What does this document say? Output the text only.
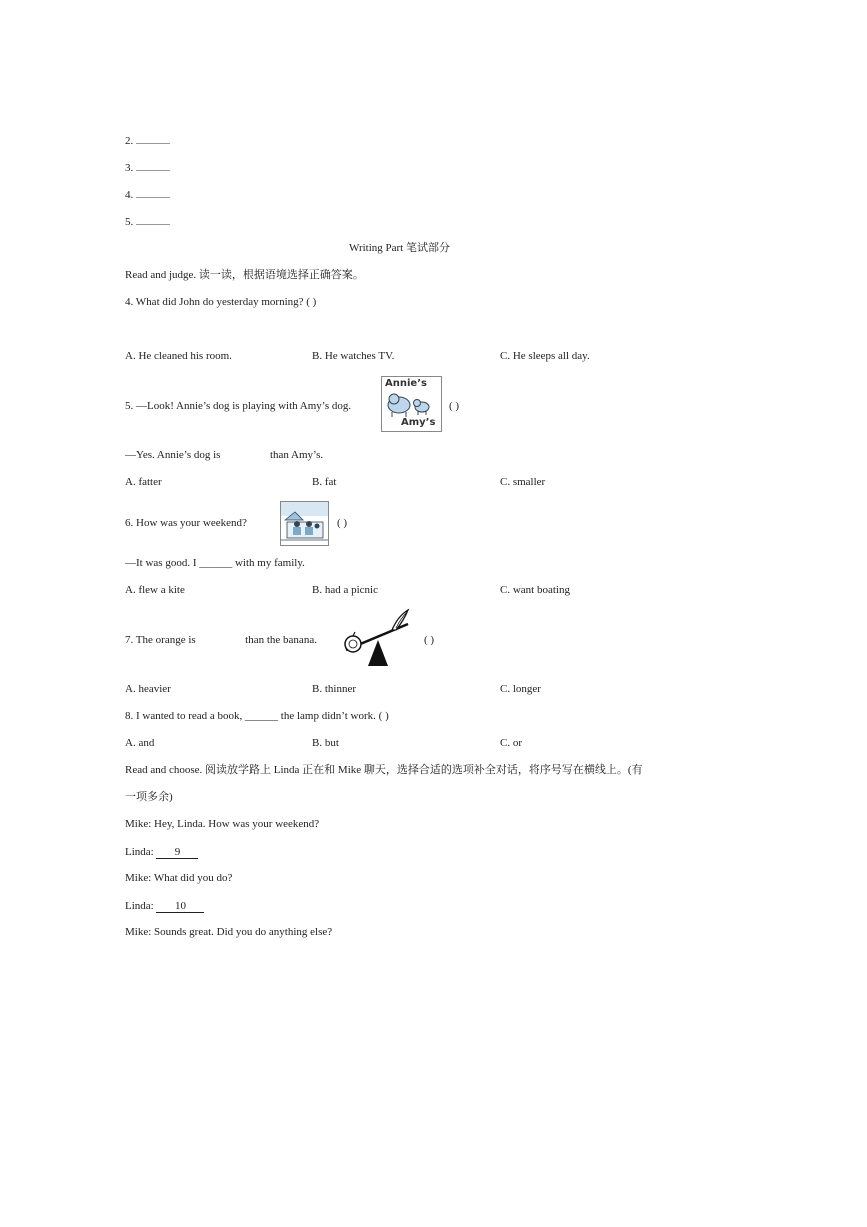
2.
3.
4.
5.
Writing Part 笔试部分
Read and judge. 读一读，根据语境选择正确答案。
4. What did John do yesterday morning? ( )
A. He cleaned his room.	B. He watches TV.	C. He sleeps all day.
5. —Look! Annie’s dog is playing with Amy’s dog.
Annie’s
Amy’s
( )
—Yes. Annie’s dog is	than Amy’s.
A. fatter	B. fat	C. smaller
6. How was your weekend?	( )
—It was good. I ______ with my family.
A. flew a kite	B. had a picnic	C. want boating
7. The orange is	than the banana.	( )
A. heavier	B. thinner	C. longer
8. I wanted to read a book, ______ the lamp didn’t work. ( )
A. and	B. but	C. or
Read and choose. 阅读放学路上 Linda 正在和 Mike 聊天，选择合适的选项补全对话，将序号写在横线上。(有
一项多余)
Mike: Hey, Linda. How was your weekend?
Linda: 9
Mike: What did you do?
Linda: 10
Mike: Sounds great. Did you do anything else?
